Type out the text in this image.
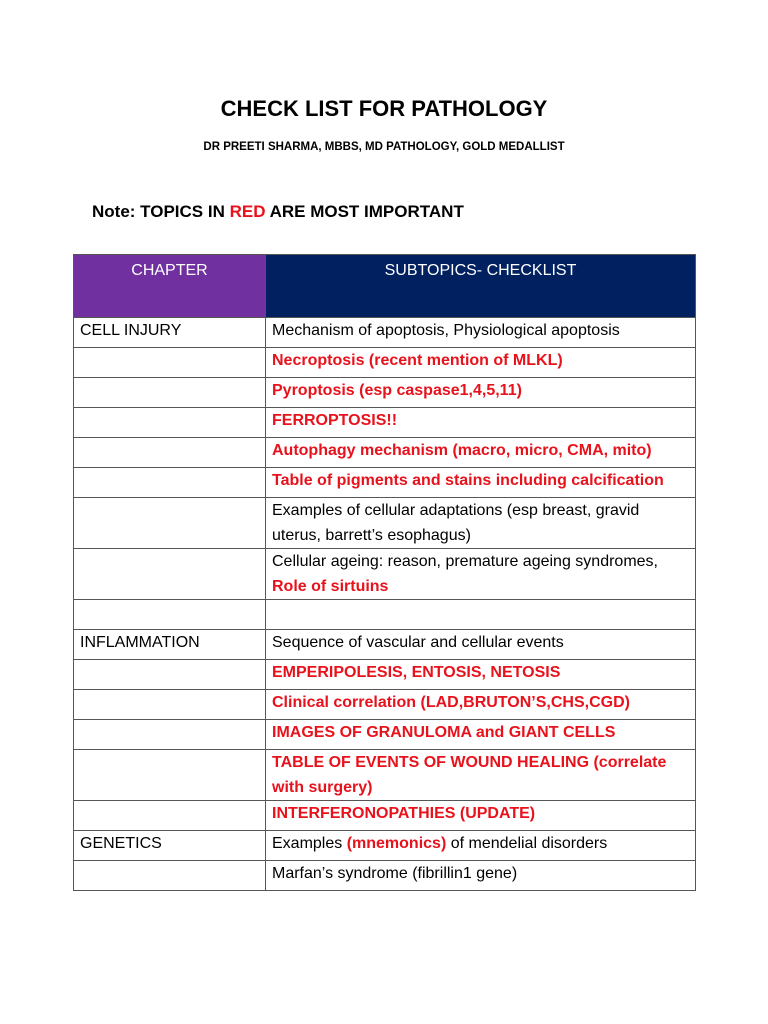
CHECK LIST FOR PATHOLOGY
DR PREETI SHARMA, MBBS, MD PATHOLOGY, GOLD MEDALLIST
Note: TOPICS IN RED ARE MOST IMPORTANT
CHAPTER	SUBTOPICS- CHECKLIST
CELL INJURY	Mechanism of apoptosis, Physiological apoptosis
	Necroptosis (recent mention of MLKL)
	Pyroptosis (esp caspase1,4,5,11)
	FERROPTOSIS!!
	Autophagy mechanism (macro, micro, CMA, mito)
	Table of pigments and stains including calcification
	Examples of cellular adaptations (esp breast, gravid uterus, barrett’s esophagus)
	Cellular ageing: reason, premature ageing syndromes, Role of sirtuins

INFLAMMATION	Sequence of vascular and cellular events
	EMPERIPOLESIS, ENTOSIS, NETOSIS
	Clinical correlation (LAD,BRUTON’S,CHS,CGD)
	IMAGES OF GRANULOMA and GIANT CELLS
	TABLE OF EVENTS OF WOUND HEALING (correlate with surgery)
	INTERFERONOPATHIES (UPDATE)
GENETICS	Examples (mnemonics) of mendelial disorders
	Marfan’s syndrome (fibrillin1 gene)
